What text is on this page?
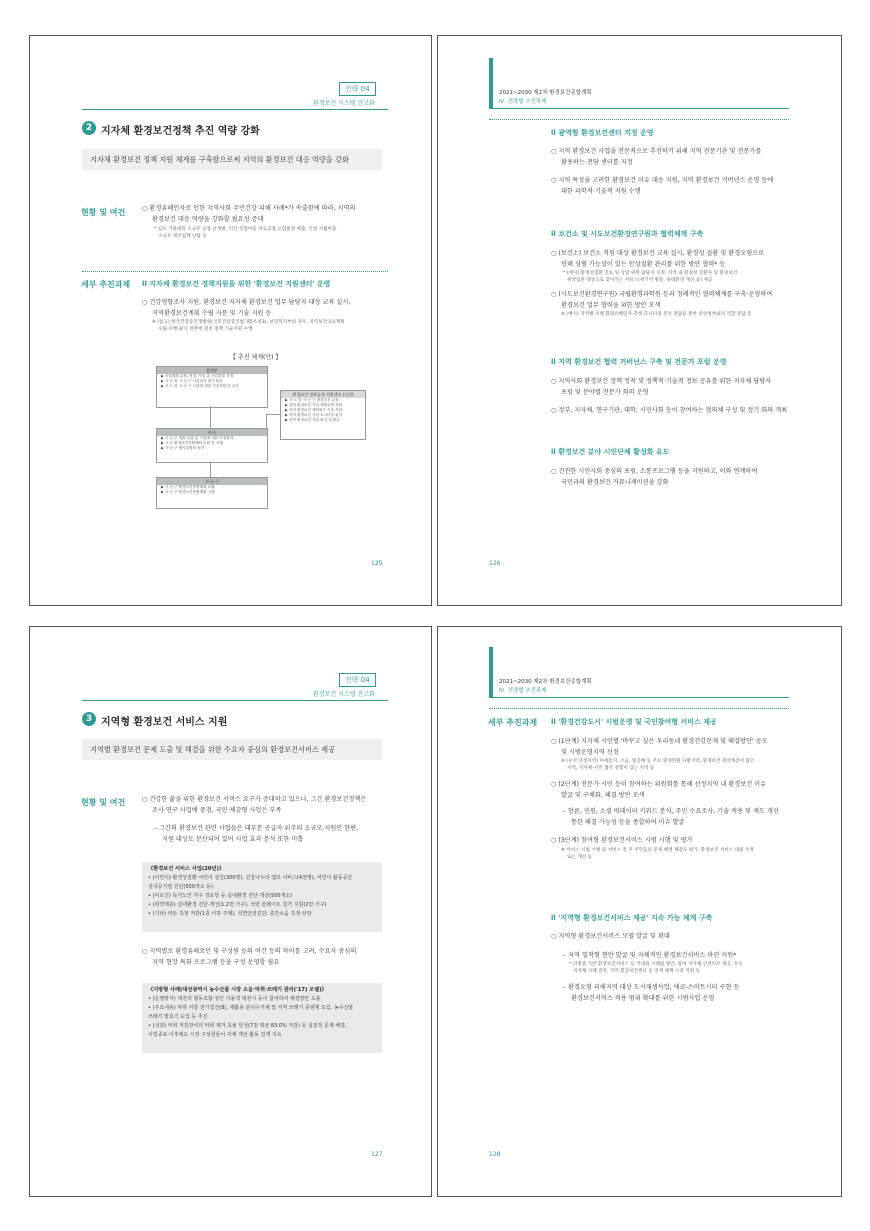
전략 04
환경보건 시스템 견고화
2 지자체 환경보건정책 추진 역량 강화
지자체 환경보건 정책 지원 체계를 구축함으로써 지역의 환경보건 대응 역량을 강화
현황 및 여건	○ 환경유해인자로 인한 지역사회 주민건강 피해 사례*가 속출함에 따라, 지역의
환경보건 대응 역량을 강화할 필요성 증대
* 김포 거물대리 소규모 공장 난개발, 익산 장점마을 비료공장 오염물질 배출, 인천 사월마을
소규모 제조업체 난립 등
세부 추진과제 ll 지자체 환경보건 정책지원을 위한 '환경보건 지원센터' 운영
○ 건강영향조사 지원, 환경보건 지자체 환경보건 업무 담당자 대상 교육 실시,
지역환경보건계획 수립 자문 및 기술 지원 등
※ (참고) 한국건강증진개발원(국민건강증진법 제5조의3), 보건복지부의 경우, 지역보건의료계획
수립·수행·평가 전반에 걸친 정책 기술지원 수행
【 추진 체계(안) 】
환경부
▶ 사업계획 수립, 지침, 사업 총 사업총괄 조정
▶ 시·도 및 시·군·구 사업결과 평가·환류
▶ 시·도 및 시·군·구 사업에 대한 기술지원 및 감독
환경보건 정보공개 지원센터 (신설)
▶ 시·도 및 시·군·구 환경보건 교육
▶ 지역 환경보건 사업 계획수립 지원
▶ 지역 환경보건 계획평가 기술 지원
▶ 지역 환경보건 사업 모니터링 분석
▶ 지역 환경보건 사업 평가 및 환류
시·도
▶ 시·군·구 계획 수립 및 사업에 대한 조정관리
▶ 시·도 환경보건종합계획 수립 및 시행
▶ 시·군·구 행사통합의 평가
시·군·구
▶ 시·군·구 환경보건종합계획 수립
▶ 시·군·구 환경보건종합계획 시행
125
2021~2030 제2차 환경보건종합계획
Ⅳ. 전략별 추진과제
ll 광역형 환경보건센터 지정 운영
○ 지역 환경보건 사업을 전문적으로 추진하기 위해 지역 전문기관 및 전문가를
활용하는 전담 센터를 지정
○ 지역 특성을 고려한 환경보건 이슈 대응 지원, 지역 환경보건 거버넌스 운영 등에
대한 과학적·기술적 지원 수행
ll 보건소 및 시도보건환경연구원과 협력체계 구축
○ (보건소) 보건소 직원 대상 환경보건 교육 실시, 환경성 질환 및 환경오염으로
인해 심혈 가능성이 있는 만성질환 관리를 위한 방안 협력* 등
* (예시) 환경성질환 진료 및 상담 위한 담당자 지정, 지역 내 환경성 질환자 및 환경보건
취약집단 대상으로 찾아가는 서비스(정기적 방문, 실내환경 개선 등) 제공
○ (시도보건환경연구원) 국립환경과학원 등과 정례적인 협력체계를 구축·운영하여
환경보건 업무 협력을 위한 방안 모색
※ (예시) 지역별 수행 환경유해인자 측정·모니터링 분석 전담을 통한 중앙정부와의 역할 분담 등
ll 지역 환경보건 협력 거버넌스 구축 및 전문가 포럼 운영
○ 지역사회 환경보건 정책 정착 및 정책적·기술적 정보 공유를 위한 지자체 담당자
포럼 및 분야별 전문가 회의 운영
○ 정부, 지자체, 연구기관, 대학, 시민사회 등이 참여하는 협의체 구성 및 정기 회의 개최
ll 환경보건 분야 시민단체 활성화 유도
○ 건전한 시민사회 중심의 포럼, 소통프로그램 등을 지원하고, 이와 연계하여
국민과의 환경보건 커뮤니케이션을 강화
126
전략 04
환경보건 시스템 견고화
3 지역형 환경보건 서비스 지원
지역별 환경보건 문제 도출 및 해결을 위한 수요자 중심의 환경보건서비스 제공
현황 및 여건	○ 건강한 삶을 위한 환경보건 서비스 요구가 증대하고 있으나, 그간 환경보건정책은
조사·연구 사업에 중점, 국민 체감형 사업은 부족
– 그간의 환경보건 관련 사업들은 대부분 공급자 위주의 소규모 지원인 한편,
지원 대상도 분산되어 있어 사업 효과 분석 또한 미흡
《환경보건 서비스 사업(20년)》
• (어린이) 환경성질환 어린이 검진(300명), 건강나누리 캠프 서비스(4천명), 어린이 활동공간
실내공기질 진단(500개소 등)
• (어르신) 독거노인 가구 경로당 등 실내환경 진단·개선(500개소)
• (취약계층) 실내환경 진단·개선(1.2천 가구), 석면 슬레이트 철거 지원(2만 가구)
• (기타) 라돈 측정 저감(1층 이하 주택), 석면안전진단, 층간소음 측정·상담
○ 지역별로 환경유해요인 및 구성원 등의 여건 등의 차이를 고려, 수요자 중심의
지역 현장 특화 프로그램 등을 구성 운영할 필요
《지방형 사례(대전광역시 농수산물 시장 소음·악취·쓰레기 관리('17) 모델)》
• (운영방식) 대전의 협동조합·상인 이용객 대전시 등이 참여하여 해결방안 도출
• (주요내용) 악취 저감 전기집진(8), 재활용 분리수거체 및 지역 쓰레기 종량제 도입, 농수산물
쓰레기 발효기 도입 등 추진
• (성과) 악취 저감장치의 악취 제거 효율 달성(7천 평균 83.0% 저감) 등 실질적 문제 해결,
사업종료 이후에도 시장 구성원들이 자체 개선 활동 전개 지속
127
2021~2030 제2차 환경보건종합계획
Ⅳ. 전략별 추진과제
세부 추진과제 ll '환경건강도시' 시범운영 및 국민참여형 서비스 제공
○ (1단계) 지자체 시민별 '바꾸고 싶은 우리동네 환경건강문제 및 해결방안' 공모
및 시범운영지역 선정
※ (우선 선정지역) 미세먼지, 소음, 빛공해 등 주요 환경민원 다발지역, 환경보건 취약계층이 많은
지역, 지자체-시민 협력 경험이 있는 지역 등
○ (2단계) 전문가·시민 등이 참여하는 위원회를 통해 선정지역 내 환경보건 이슈
발굴 및 구체화, 해결 방안 모색
– 언론, 민원, 소셜 빅데이터 키워드 분석, 주민 수요조사, 기술 적용 및 제도 개선
통한 해결 가능성 등을 종합하여 이슈 발굴
○ (3단계) 참여형 환경보건서비스 시범 시행 및 평가
※ 서비스 시범 시행 및 서비스 전 후 주민들의 문제 해결 체감도 평가, 환경보건 서비스 내용 수정
또는 개선 등
ll '지역형 환경보건서비스 제공' 지속 가능 체계 구축
○ 지역형 환경보건서비스 모델 발굴 및 확대
– 지역 밀착형 현안 발굴 및 자체적인 환경보건서비스 마련 지원*
* 리빙랩 기반 환경보건서비스 등 국내외 사례집 발간, 참여 지자체 인센티브 제공, 우수
지자체 사례 전파, 지역 환경보건센터 등 연계 체계 구축 지원 등
– 환경오염 피해지역 대상 도시재생사업, 에코-스마트시티 구현 등
환경보건서비스 적용 범위 확대를 위한 시범사업 운영
128
